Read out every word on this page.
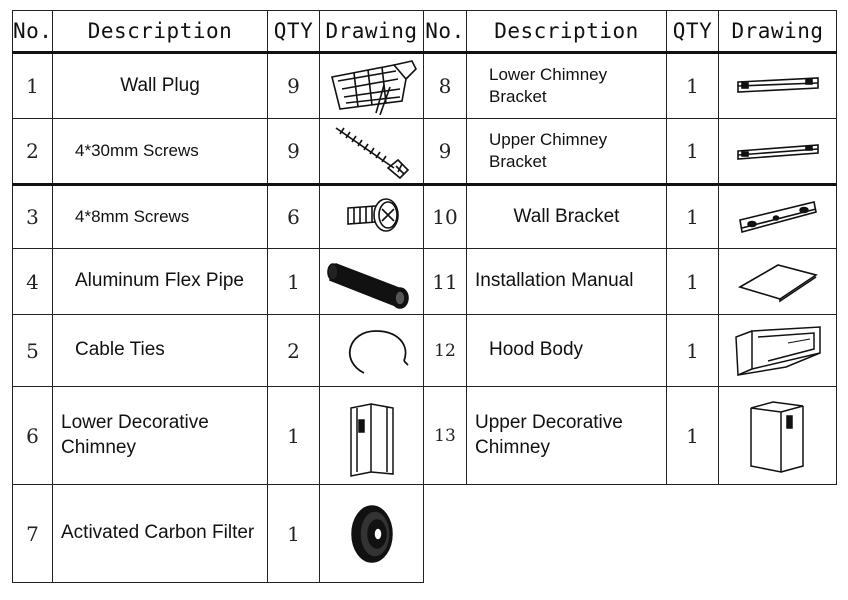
No.	Description	QTY	Drawing	No.	Description	QTY	Drawing
1	Wall Plug	9		8	Lower Chimney Bracket	1	

2	4*30mm Screws	9		9	Upper Chimney Bracket	1	

3	4*8mm Screws	6		10	Wall Bracket	1	

4	Aluminum Flex Pipe	1		11	Installation Manual	1	

5	Cable Ties	2		12	Hood Body	1	

6	Lower Decorative Chimney	1		13	Upper Decorative Chimney	1	

7	Activated Carbon Filter	1	
